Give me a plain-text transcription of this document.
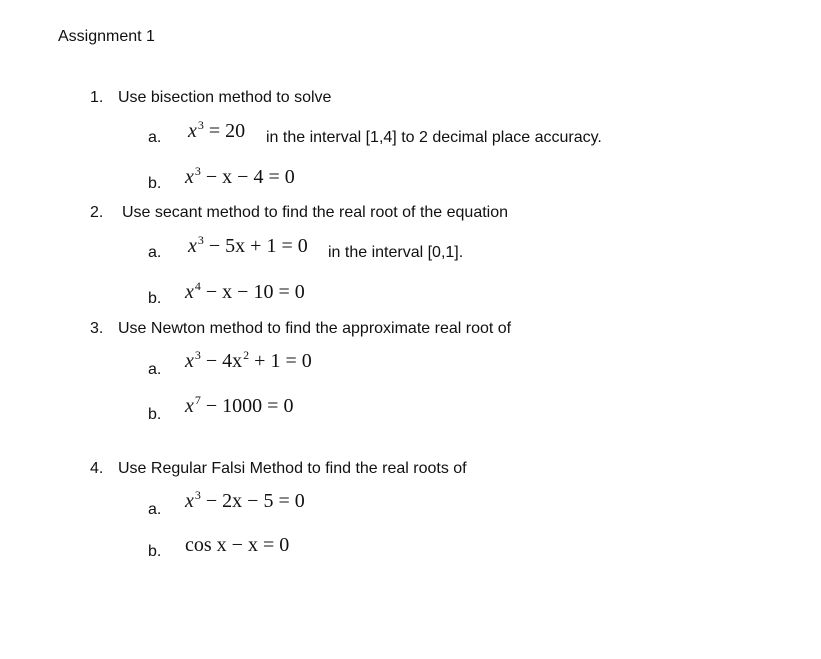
Assignment 1
1. Use bisection method to solve
a. $x^3 = 20$ in the interval [1,4] to 2 decimal place accuracy.
b. $x^3 - x - 4 = 0$
2. Use secant method to find the real root of the equation
a. $x^3 - 5x + 1 = 0$ in the interval [0,1].
b. $x^4 - x - 10 = 0$
3. Use Newton method to find the approximate real root of
a. $x^3 - 4x^2 + 1 = 0$
b. $x^7 - 1000 = 0$
4. Use Regular Falsi Method to find the real roots of
a. $x^3 - 2x - 5 = 0$
b. cos x − x = 0
